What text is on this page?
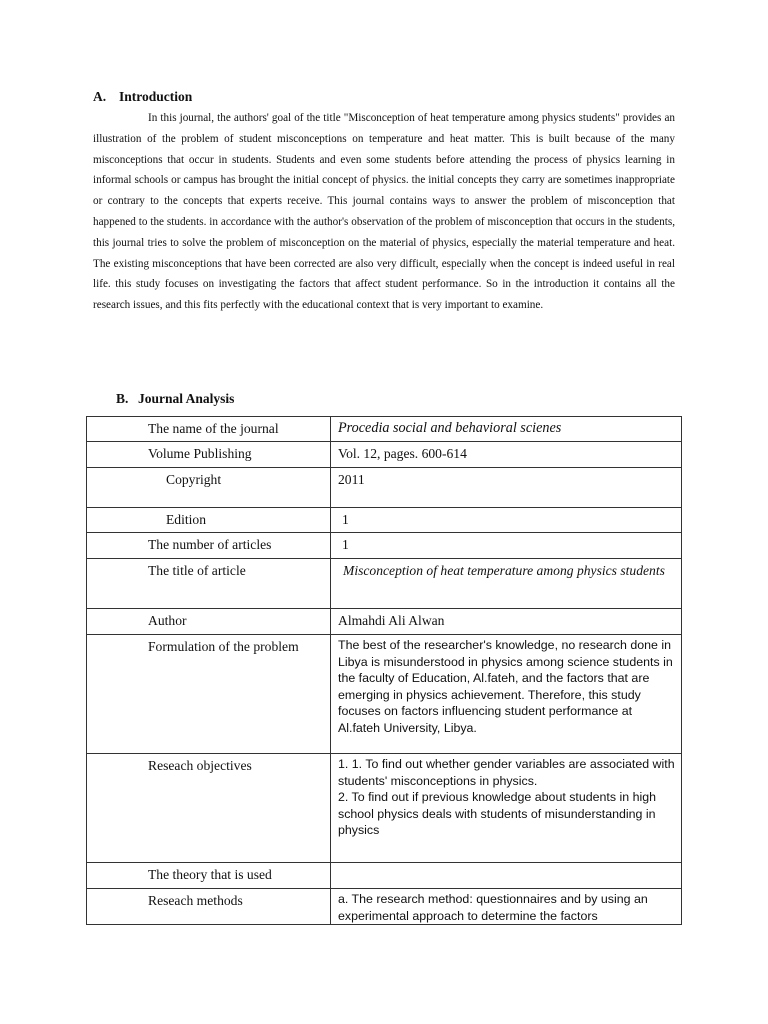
A. Introduction

In this journal, the authors' goal of the title "Misconception of heat temperature among physics students" provides an illustration of the problem of student misconceptions on temperature and heat matter. This is built because of the many misconceptions that occur in students. Students and even some students before attending the process of physics learning in informal schools or campus has brought the initial concept of physics. the initial concepts they carry are sometimes inappropriate or contrary to the concepts that experts receive. This journal contains ways to answer the problem of misconception that happened to the students. in accordance with the author's observation of the problem of misconception that occurs in the students, this journal tries to solve the problem of misconception on the material of physics, especially the material temperature and heat. The existing misconceptions that have been corrected are also very difficult, especially when the concept is indeed useful in real life. this study focuses on investigating the factors that affect student performance. So in the introduction it contains all the research issues, and this fits perfectly with the educational context that is very important to examine.

B. Journal Analysis
The name of the journal	Procedia social and behavioral scienes

Volume Publishing	Vol. 12, pages. 600-614

Copyright	2011

Edition	1

The number of articles	1

The title of article	Misconception of heat temperature among physics students

Author	Almahdi Ali Alwan

Formulation of the problem	The best of the researcher's knowledge, no research done in Libya is misunderstood in physics among science students in the faculty of Education, Al.fateh, and the factors that are emerging in physics achievement. Therefore, this study focuses on factors influencing student performance at Al.fateh University, Libya.

Reseach objectives	1. 1. To find out whether gender variables are associated with students' misconceptions in physics.
2. To find out if previous knowledge about students in high school physics deals with students of misunderstanding in physics

The theory that is used	

Reseach methods	a. The research method: questionnaires and by using an experimental approach to determine the factors
